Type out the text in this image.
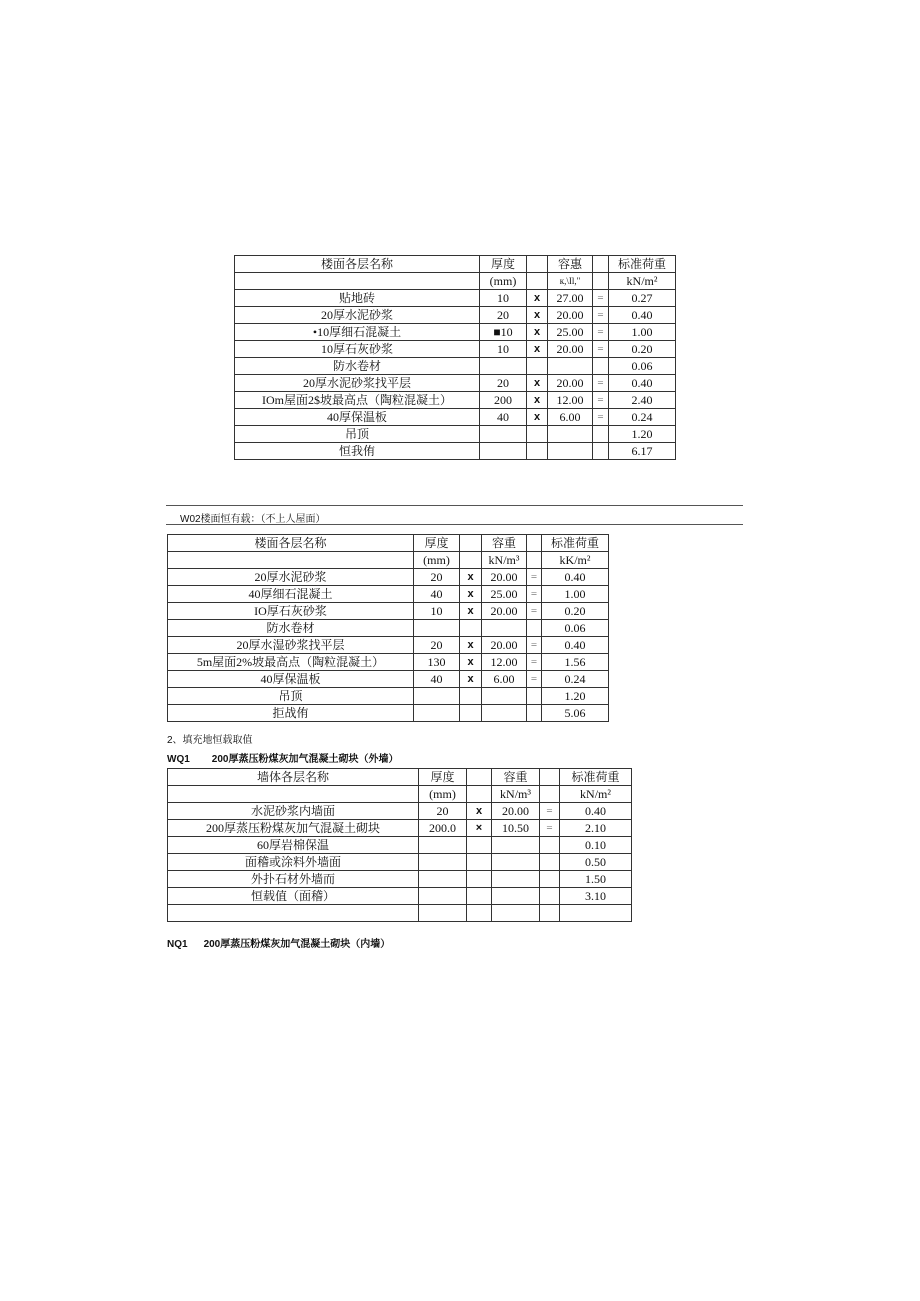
楼面各层名称	厚度		容惠		标准荷重
	(mm)		к,\Il,"		kN/m²
贴地砖	10	x	27.00	=	0.27
20厚水泥砂浆	20	x	20.00	=	0.40
•10厚细石混凝土	■10	x	25.00	=	1.00
10厚石灰砂浆	10	x	20.00	=	0.20
防水卷材					0.06
20厚水泥砂浆找平层	20	x	20.00	=	0.40
IOm屋面2$坡最高点（陶粒混凝土）	200	x	12.00	=	2.40
40厚保温板	40	x	6.00	=	0.24
吊顶					1.20
恒我侑					6.17
W02楼面恒有载：（不上人屋面）
楼面各层名称	厚度		容重		标准荷重
	(mm)		kN/m³		kK/m²
20厚水泥砂浆	20	x	20.00	=	0.40
40厚细石混凝土	40	x	25.00	=	1.00
IO厚石灰砂浆	10	x	20.00	=	0.20
防水卷材					0.06
20厚水湿砂浆找平层	20	x	20.00	=	0.40
5m屋面2%坡最高点（陶粒混凝土）	130	x	12.00	=	1.56
40厚保温板	40	x	6.00	=	0.24
吊顶					1.20
拒战侑					5.06
2、填充地恒载取值
WQ1 200厚蒸压粉煤灰加气混凝土砌块（外墙）
墙体各层名称	厚度		容重		标准荷重
	(mm)		kN/m³		kN/m²
水泥砂浆内墙面	20	x	20.00	=	0.40
200厚蒸压粉煤灰加气混凝土砌块	200.0	×	10.50	=	2.10
60厚岩棉保温					0.10
面稽或涂料外墙面					0.50
外扑石材外墙而					1.50
恒载值（面稽）					3.10

NQ1 200厚蒸压粉煤灰加气混凝土砌块（内墙）
